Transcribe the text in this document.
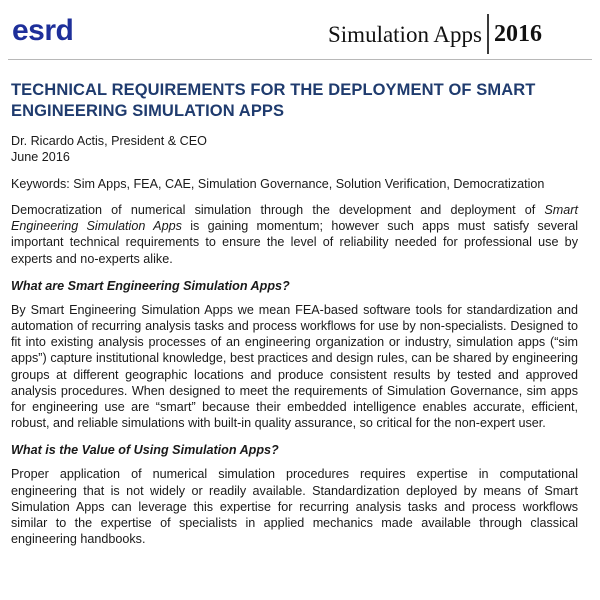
esrd	Simulation Apps 2016
TECHNICAL REQUIREMENTS FOR THE DEPLOYMENT OF SMART
ENGINEERING SIMULATION APPS
Dr. Ricardo Actis, President & CEO
June 2016
Keywords: Sim Apps, FEA, CAE, Simulation Governance, Solution Verification, Democratization

Democratization of numerical simulation through the development and deployment of Smart Engineering Simulation Apps is gaining momentum; however such apps must satisfy several important technical requirements to ensure the level of reliability needed for professional use by experts and no-experts alike.

What are Smart Engineering Simulation Apps?

By Smart Engineering Simulation Apps we mean FEA-based software tools for standardization and automation of recurring analysis tasks and process workflows for use by non-specialists. Designed to fit into existing analysis processes of an engineering organization or industry, simulation apps (“sim apps”) capture institutional knowledge, best practices and design rules, can be shared by engineering groups at different geographic locations and produce consistent results by tested and approved analysis procedures. When designed to meet the requirements of Simulation Governance, sim apps for engineering use are “smart” because their embedded intelligence enables accurate, efficient, robust, and reliable simulations with built-in quality assurance, so critical for the non-expert user.

What is the Value of Using Simulation Apps?

Proper application of numerical simulation procedures requires expertise in computational engineering that is not widely or readily available. Standardization deployed by means of Smart Simulation Apps can leverage this expertise for recurring analysis tasks and process workflows similar to the expertise of specialists in applied mechanics made available through classical engineering handbooks.
